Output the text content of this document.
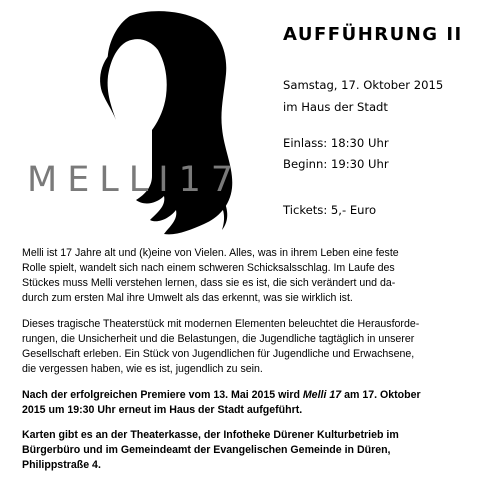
MELLI17
AUFFÜHRUNG II
Samstag, 17. Oktober 2015
im Haus der Stadt
Einlass: 18:30 Uhr
Beginn: 19:30 Uhr
Tickets: 5,- Euro
Melli ist 17 Jahre alt und (k)eine von Vielen. Alles, was in ihrem Leben eine feste
Rolle spielt, wandelt sich nach einem schweren Schicksalsschlag. Im Laufe des
Stückes muss Melli verstehen lernen, dass sie es ist, die sich verändert und da-
durch zum ersten Mal ihre Umwelt als das erkennt, was sie wirklich ist.
Dieses tragische Theaterstück mit modernen Elementen beleuchtet die Herausforde-
rungen, die Unsicherheit und die Belastungen, die Jugendliche tagtäglich in unserer
Gesellschaft erleben. Ein Stück von Jugendlichen für Jugendliche und Erwachsene,
die vergessen haben, wie es ist, jugendlich zu sein.
Nach der erfolgreichen Premiere vom 13. Mai 2015 wird Melli 17 am 17. Oktober
2015 um 19:30 Uhr erneut im Haus der Stadt aufgeführt.
Karten gibt es an der Theaterkasse, der Infotheke Dürener Kulturbetrieb im
Bürgerbüro und im Gemeindeamt der Evangelischen Gemeinde in Düren,
Philippstraße 4.
